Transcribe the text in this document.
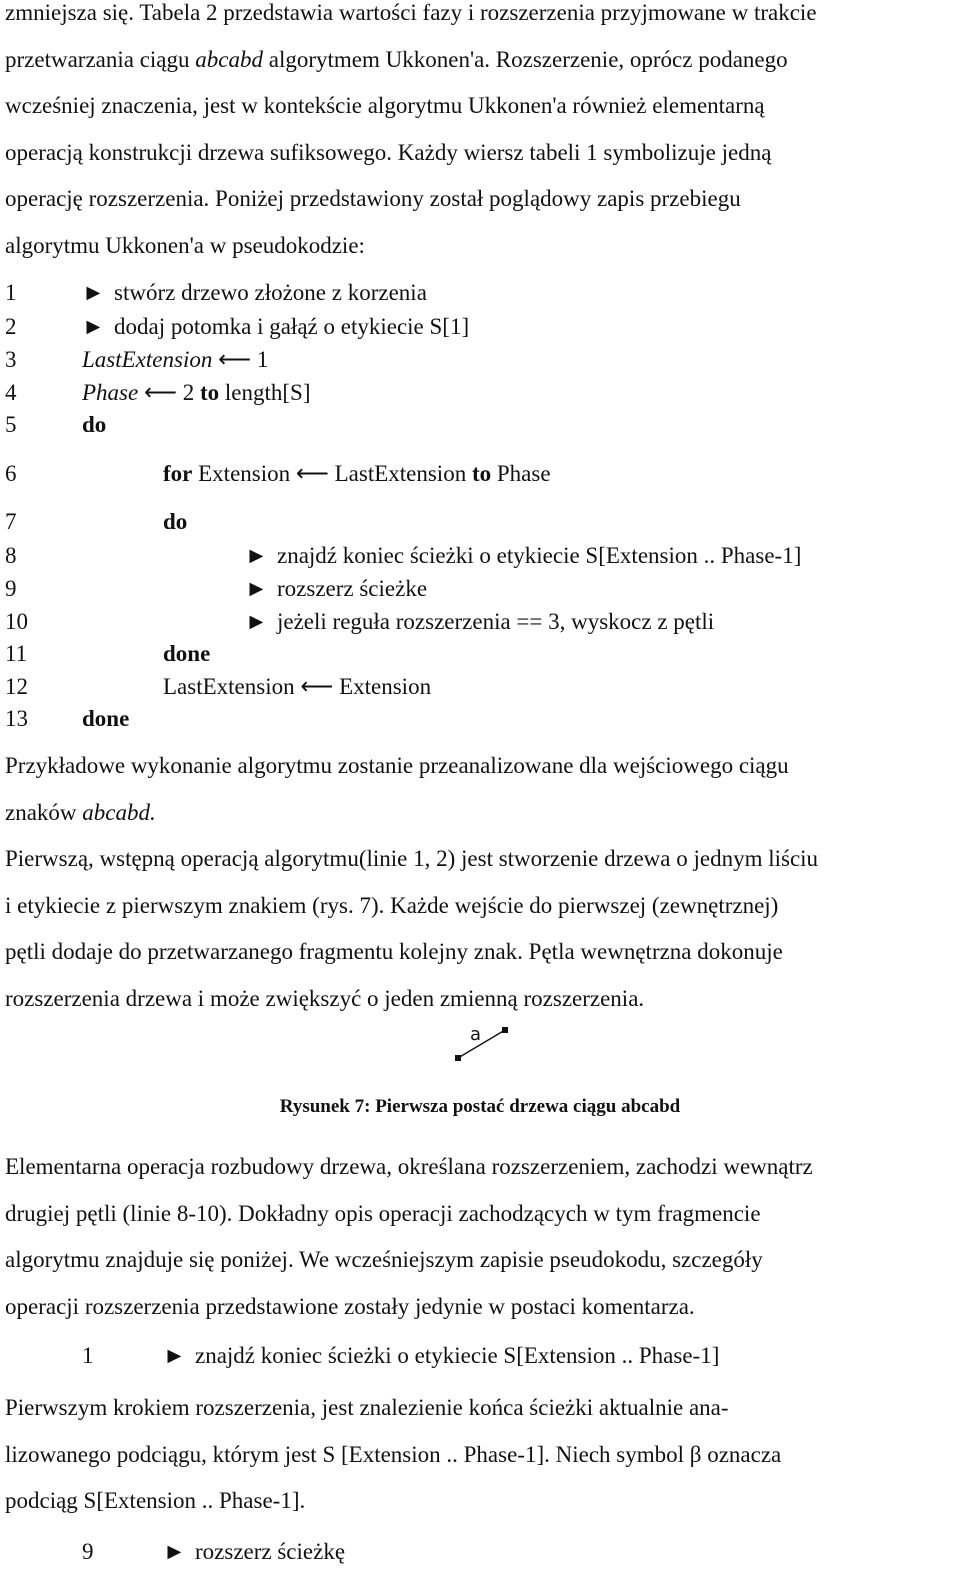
zmniejsza się. Tabela 2 przedstawia wartości fazy i rozszerzenia przyjmowane w trakcie
przetwarzania ciągu abcabd algorytmem Ukkonen'a. Rozszerzenie, oprócz podanego
wcześniej znaczenia, jest w kontekście algorytmu Ukkonen'a również elementarną
operacją konstrukcji drzewa sufiksowego. Każdy wiersz tabeli 1 symbolizuje jedną
operację rozszerzenia. Poniżej przedstawiony został poglądowy zapis przebiegu
algorytmu Ukkonen'a w pseudokodzie:
1	► stwórz drzewo złożone z korzenia
2	► dodaj potomka i gałąź o etykiecie S[1]
3	LastExtension ⟵ 1
4	Phase ⟵ 2 to length[S]
5	do
6	for Extension ⟵ LastExtension to Phase
7	do
8	► znajdź koniec ścieżki o etykiecie S[Extension .. Phase-1]
9	► rozszerz ścieżke
10	► jeżeli reguła rozszerzenia == 3, wyskocz z pętli
11	done
12	LastExtension ⟵ Extension
13 done
Przykładowe wykonanie algorytmu zostanie przeanalizowane dla wejściowego ciągu
znaków abcabd.
Pierwszą, wstępną operacją algorytmu(linie 1, 2) jest stworzenie drzewa o jednym liściu
i etykiecie z pierwszym znakiem (rys. 7). Każde wejście do pierwszej (zewnętrznej)
pętli dodaje do przetwarzanego fragmentu kolejny znak. Pętla wewnętrzna dokonuje
rozszerzenia drzewa i może zwiększyć o jeden zmienną rozszerzenia.
a
Rysunek 7: Pierwsza postać drzewa ciągu abcabd
Elementarna operacja rozbudowy drzewa, określana rozszerzeniem, zachodzi wewnątrz
drugiej pętli (linie 8-10). Dokładny opis operacji zachodzących w tym fragmencie
algorytmu znajduje się poniżej. We wcześniejszym zapisie pseudokodu, szczegóły
operacji rozszerzenia przedstawione zostały jedynie w postaci komentarza.
1	► znajdź koniec ścieżki o etykiecie S[Extension .. Phase-1]
Pierwszym krokiem rozszerzenia, jest znalezienie końca ścieżki aktualnie ana-
lizowanego podciągu, którym jest S [Extension .. Phase-1]. Niech symbol β oznacza
podciąg S[Extension .. Phase-1].
9	► rozszerz ścieżkę
